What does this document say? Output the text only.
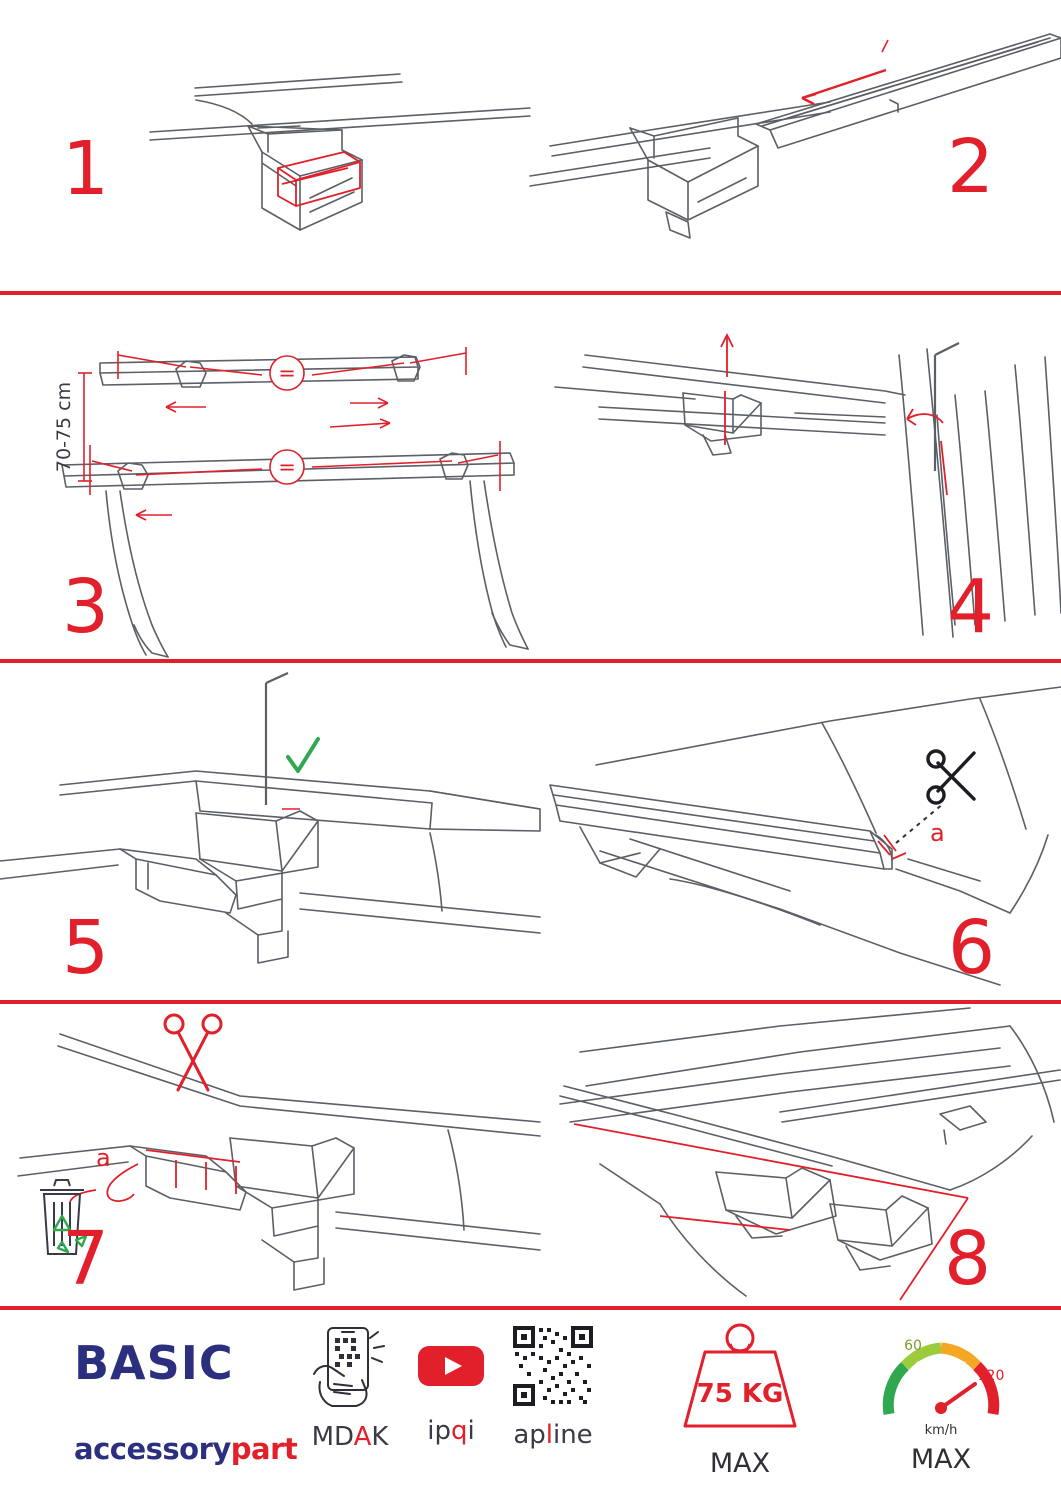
1	2
=
=
70-75 cm
3	4
5
a
6
a
7	8
BASIC
accessorypart MDAK	ipqi	apline
75 KG
MAX
60
120
km/h
MAX
